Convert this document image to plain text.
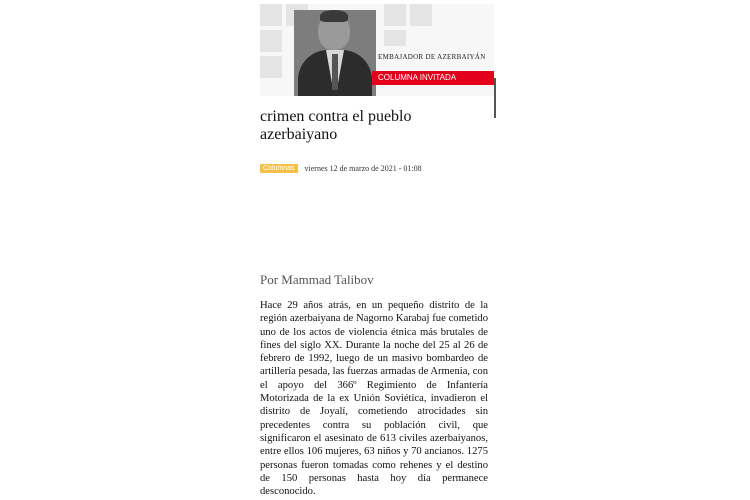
EMBAJADOR DE AZERBAIYÁN
COLUMNA INVITADA
crimen contra el pueblo azerbaiyano
Columnas viernes 12 de marzo de 2021 - 01:08

Por Mammad Talibov

Hace 29 años atrás, en un pequeño distrito de la región azerbaiyana de Nagorno Karabaj fue cometido uno de los actos de violencia étnica más brutales de fines del siglo XX. Durante la noche del 25 al 26 de febrero de 1992, luego de un masivo bombardeo de artillería pesada, las fuerzas armadas de Armenia, con el apoyo del 366º Regimiento de Infantería Motorizada de la ex Unión Soviética, invadieron el distrito de Joyalí, cometiendo atrocidades sin precedentes contra su población civil, que significaron el asesinato de 613 civiles azerbaiyanos, entre ellos 106 mujeres, 63 niños y 70 ancianos. 1275 personas fueron tomadas como rehenes y el destino de 150 personas hasta hoy día permanece desconocido.
